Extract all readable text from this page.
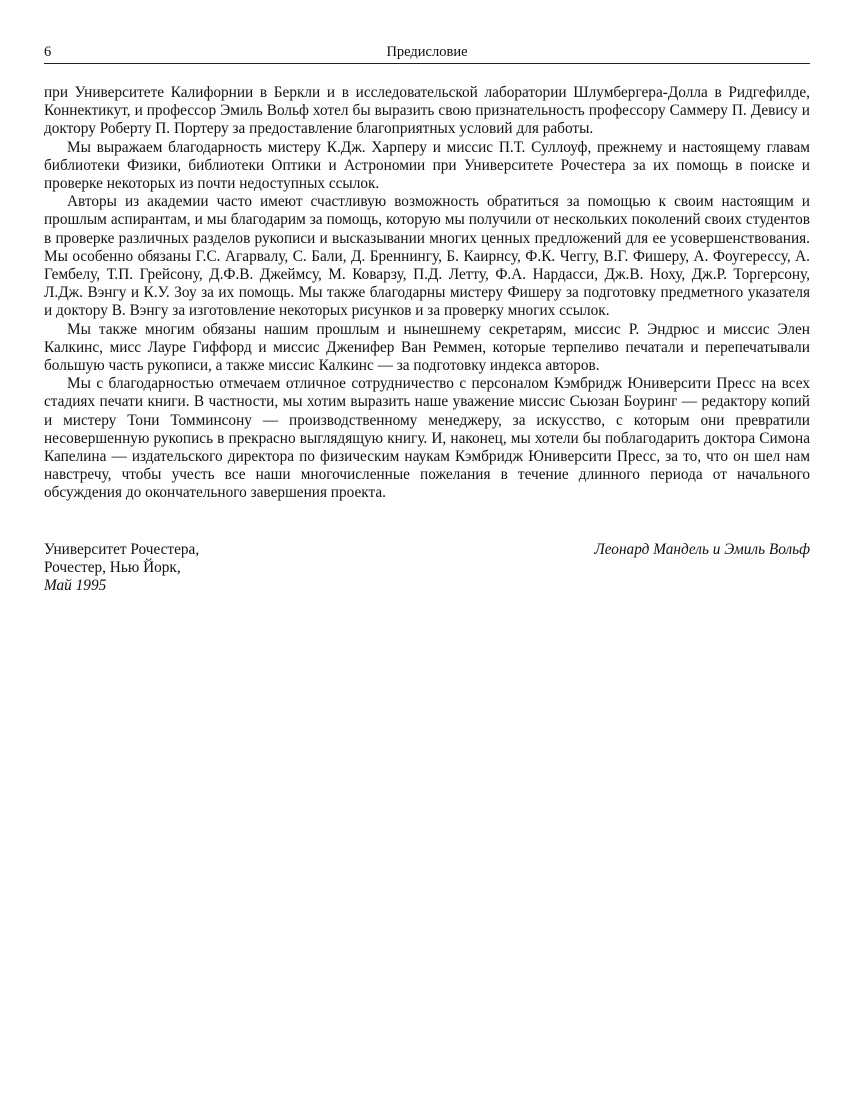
6	Предисловие

при Университете Калифорнии в Беркли и в исследовательской лаборатории Шлумбергера-Долла в Ридгефилде, Коннектикут, и профессор Эмиль Вольф хотел бы выразить свою признательность профессору Саммеру П. Девису и доктору Роберту П. Портеру за предоставление благоприятных условий для работы.

Мы выражаем благодарность мистеру К.Дж. Харперу и миссис П.Т. Суллоуф, прежнему и настоящему главам библиотеки Физики, библиотеки Оптики и Астрономии при Университете Рочестера за их помощь в поиске и проверке некоторых из почти недоступных ссылок.

Авторы из академии часто имеют счастливую возможность обратиться за помощью к своим настоящим и прошлым аспирантам, и мы благодарим за помощь, которую мы получили от нескольких поколений своих студентов в проверке различных разделов рукописи и высказывании многих ценных предложений для ее усовершенствования. Мы особенно обязаны Г.С. Агарвалу, С. Бали, Д. Бреннингу, Б. Каирнсу, Ф.К. Чеггу, В.Г. Фишеру, А. Фоугерессу, А. Гембелу, Т.П. Грейсону, Д.Ф.В. Джеймсу, М. Коварзу, П.Д. Летту, Ф.А. Нардасси, Дж.В. Ноху, Дж.Р. Торгерсону, Л.Дж. Вэнгу и К.У. Зоу за их помощь. Мы также благодарны мистеру Фишеру за подготовку предметного указателя и доктору В. Вэнгу за изготовление некоторых рисунков и за проверку многих ссылок.

Мы также многим обязаны нашим прошлым и нынешнему секретарям, миссис Р. Эндрюс и миссис Элен Калкинс, мисс Лауре Гиффорд и миссис Дженифер Ван Реммен, которые терпеливо печатали и перепечатывали большую часть рукописи, а также миссис Калкинс — за подготовку индекса авторов.

Мы с благодарностью отмечаем отличное сотрудничество с персоналом Кэмбридж Юниверсити Пресс на всех стадиях печати книги. В частности, мы хотим выразить наше уважение миссис Сьюзан Боуринг — редактору копий и мистеру Тони Томминсону — производственному менеджеру, за искусство, с которым они превратили несовершенную рукопись в прекрасно выглядящую книгу. И, наконец, мы хотели бы поблагодарить доктора Симона Капелина — издательского директора по физическим наукам Кэмбридж Юниверсити Пресс, за то, что он шел нам навстречу, чтобы учесть все наши многочисленные пожелания в течение длинного периода от начального обсуждения до окончательного завершения проекта.

Университет Рочестера,
Рочестер, Нью Йорк,
Май 1995
Леонард Мандель и Эмиль Вольф
